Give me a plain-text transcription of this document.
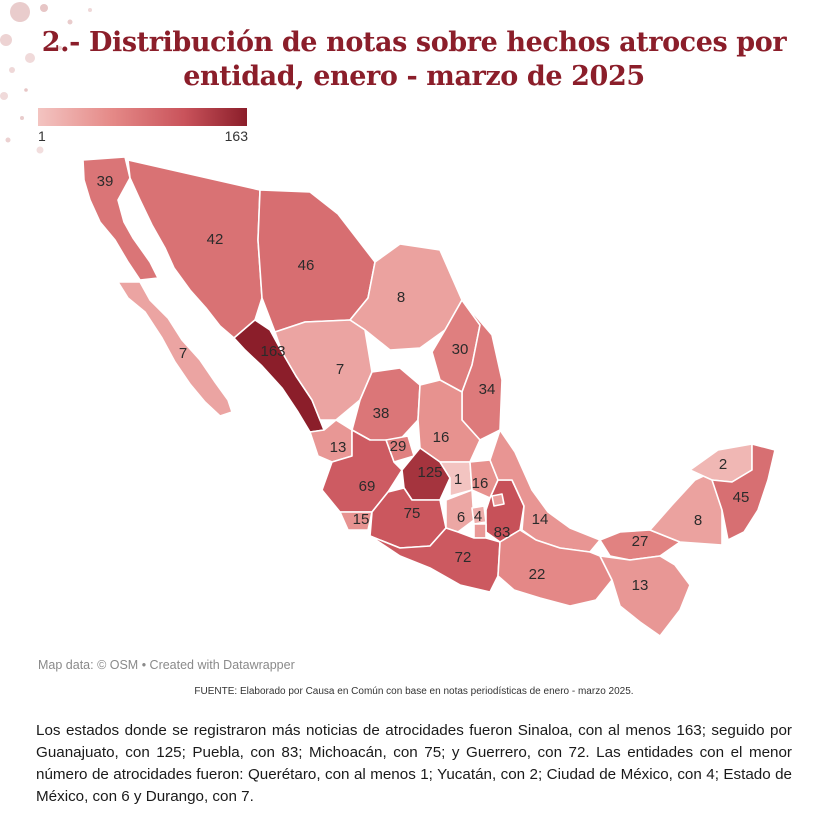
2.- Distribución de notas sobre hechos atroces por entidad, enero - marzo de 2025
1	163
39
7
42
46
8
30
34
163
7
38
16
13	29
69
125 1 16
15 75 6 4
83
14
72
22
27
13
8
2
45
Map data: © OSM • Created with Datawrapper
FUENTE: Elaborado por Causa en Común con base en notas periodísticas de enero - marzo 2025.

Los estados donde se registraron más noticias de atrocidades fueron Sinaloa, con al menos 163; seguido por Guanajuato, con 125; Puebla, con 83; Michoacán, con 75; y Guerrero, con 72. Las entidades con el menor número de atrocidades fueron: Querétaro, con al menos 1; Yucatán, con 2; Ciudad de México, con 4; Estado de México, con 6 y Durango, con 7.
